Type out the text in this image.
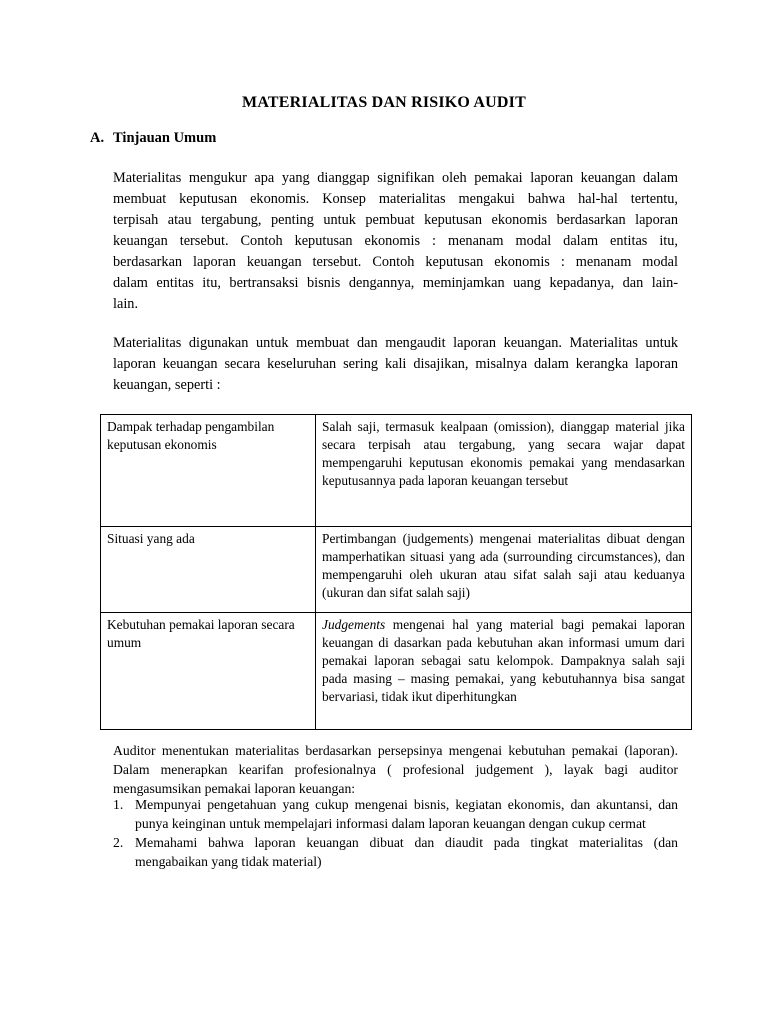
MATERIALITAS DAN RISIKO AUDIT
A. Tinjauan Umum
Materialitas mengukur apa yang dianggap signifikan oleh pemakai laporan keuangan dalam
membuat keputusan ekonomis. Konsep materialitas mengakui bahwa hal-hal tertentu,
terpisah atau tergabung, penting untuk pembuat keputusan ekonomis berdasarkan laporan
keuangan tersebut. Contoh keputusan ekonomis : menanam modal dalam entitas itu,
berdasarkan laporan keuangan tersebut. Contoh keputusan ekonomis : menanam modal
dalam entitas itu, bertransaksi bisnis dengannya, meminjamkan uang kepadanya, dan lain-
lain.
Materialitas digunakan untuk membuat dan mengaudit laporan keuangan. Materialitas untuk
laporan keuangan secara keseluruhan sering kali disajikan, misalnya dalam kerangka laporan
keuangan, seperti :
Dampak terhadap pengambilan keputusan ekonomis	Salah saji, termasuk kealpaan (omission), dianggap material jika secara terpisah atau tergabung, yang secara wajar dapat mempengaruhi keputusan ekonomis pemakai yang mendasarkan keputusannya pada laporan keuangan tersebut
Situasi yang ada	Pertimbangan (judgements) mengenai materialitas dibuat dengan mamperhatikan situasi yang ada (surrounding circumstances), dan mempengaruhi oleh ukuran atau sifat salah saji atau keduanya (ukuran dan sifat salah saji)
Kebutuhan pemakai laporan secara umum	Judgements mengenai hal yang material bagi pemakai laporan keuangan di dasarkan pada kebutuhan akan informasi umum dari pemakai laporan sebagai satu kelompok. Dampaknya salah saji pada masing – masing pemakai, yang kebutuhannya bisa sangat bervariasi, tidak ikut diperhitungkan
Auditor menentukan materialitas berdasarkan persepsinya mengenai kebutuhan pemakai (laporan). Dalam menerapkan kearifan profesionalnya ( profesional judgement ), layak bagi auditor mengasumsikan pemakai laporan keuangan:
1. Mempunyai pengetahuan yang cukup mengenai bisnis, kegiatan ekonomis, dan akuntansi, dan punya keinginan untuk mempelajari informasi dalam laporan keuangan dengan cukup cermat
2. Memahami bahwa laporan keuangan dibuat dan diaudit pada tingkat materialitas (dan mengabaikan yang tidak material)
